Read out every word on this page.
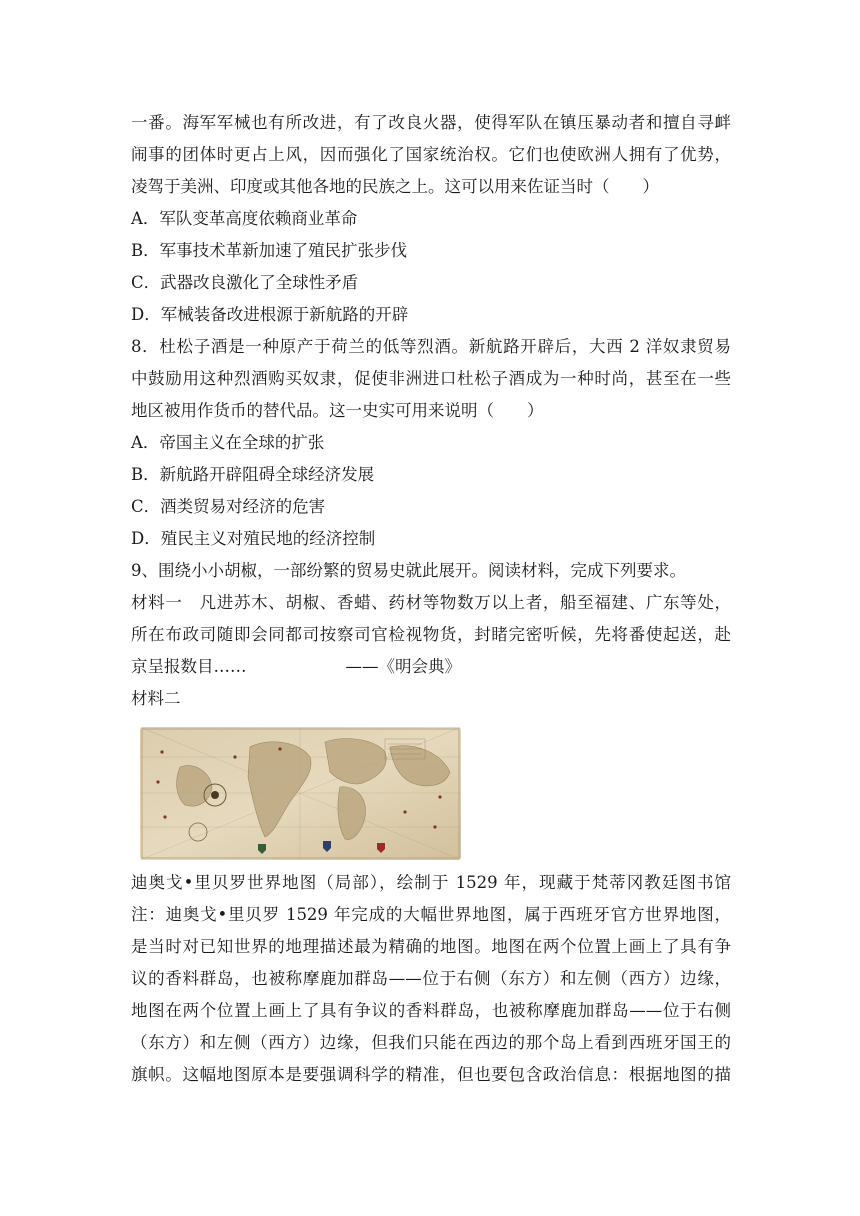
一番。海军军械也有所改进，有了改良火器，使得军队在镇压暴动者和擅自寻衅
闹事的团体时更占上风，因而强化了国家统治权。它们也使欧洲人拥有了优势，
凌驾于美洲、印度或其他各地的民族之上。这可以用来佐证当时（　　）
A．军队变革高度依赖商业革命
B．军事技术革新加速了殖民扩张步伐
C．武器改良激化了全球性矛盾
D．军械装备改进根源于新航路的开辟
8．杜松子酒是一种原产于荷兰的低等烈酒。新航路开辟后，大西 2 洋奴隶贸易
中鼓励用这种烈酒购买奴隶，促使非洲进口杜松子酒成为一种时尚，甚至在一些
地区被用作货币的替代品。这一史实可用来说明（　　）
A．帝国主义在全球的扩张
B．新航路开辟阻碍全球经济发展
C．酒类贸易对经济的危害
D．殖民主义对殖民地的经济控制
9、围绕小小胡椒，一部纷繁的贸易史就此展开。阅读材料，完成下列要求。
材料一　凡进苏木、胡椒、香蜡、药材等物数万以上者，船至福建、广东等处，
所在布政司随即会同都司按察司官检视物货，封睹完密听候，先将番使起送，赴
京呈报数目……　　　　　　——《明会典》
材料二
迪奥戈•里贝罗世界地图（局部），绘制于 1529 年，现藏于梵蒂冈教廷图书馆
注：迪奥戈•里贝罗 1529 年完成的大幅世界地图，属于西班牙官方世界地图，
是当时对已知世界的地理描述最为精确的地图。地图在两个位置上画上了具有争
议的香料群岛，也被称摩鹿加群岛——位于右侧（东方）和左侧（西方）边缘，
地图在两个位置上画上了具有争议的香料群岛，也被称摩鹿加群岛——位于右侧
（东方）和左侧（西方）边缘，但我们只能在西边的那个岛上看到西班牙国王的
旗帜。这幅地图原本是要强调科学的精准，但也要包含政治信息：根据地图的描
